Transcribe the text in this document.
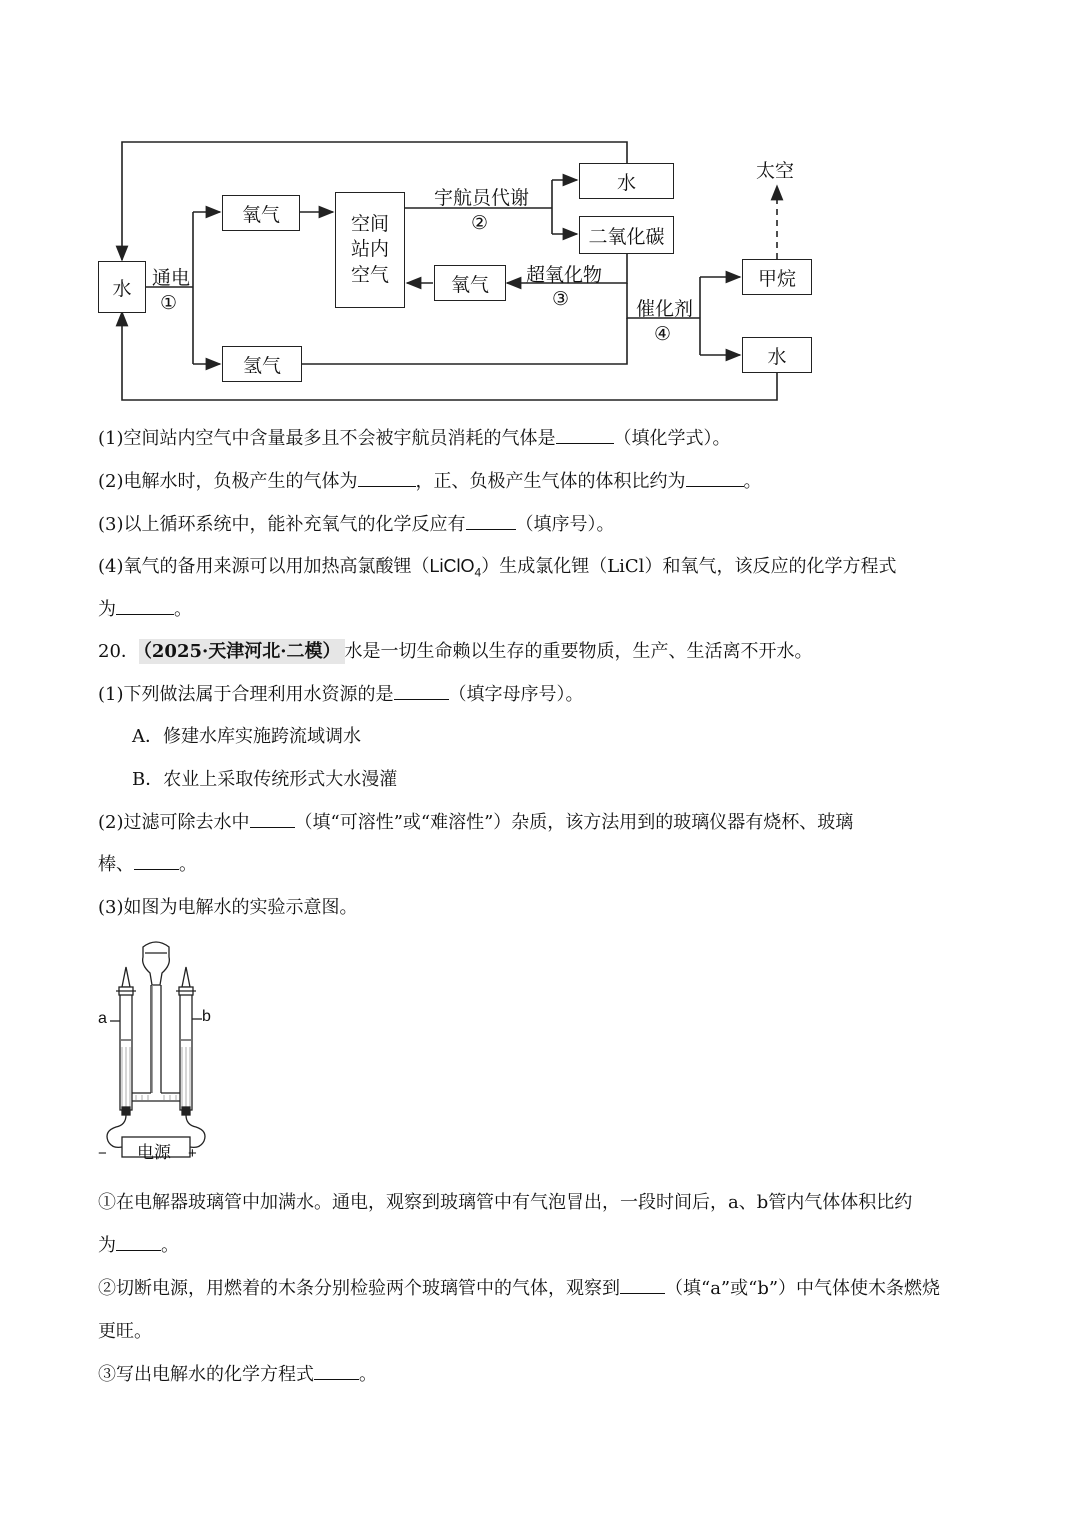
水
氧气	空间站内空气
水
二氧化碳
氧气
氢气
甲烷
水
通电
①
宇航员代谢
②
超氧化物
③	催化剂
④
太空
(1)空间站内空气中含量最多且不会被宇航员消耗的气体是	（填化学式）。
(2)电解水时，负极产生的气体为	，正、负极产生气体的体积比约为	。
(3)以上循环系统中，能补充氧气的化学反应有	（填序号）。
(4)氧气的备用来源可以用加热高氯酸锂（LiClO$_4$）生成氯化锂（LiCl）和氧气，该反应的化学方程式
为	。
20． （2025·天津河北·二模） 水是一切生命赖以生存的重要物质，生产、生活离不开水。
(1)下列做法属于合理利用水资源的是	（填字母序号）。
A．修建水库实施跨流域调水
B．农业上采取传统形式大水漫灌
(2)过滤可除去水中	（填“可溶性”或“难溶性”）杂质，该方法用到的玻璃仪器有烧杯、玻璃
棒、	。
(3)如图为电解水的实验示意图。
a	b
电源
−	+
①在电解器玻璃管中加满水。通电，观察到玻璃管中有气泡冒出，一段时间后，a、b管内气体体积比约
为	。
②切断电源，用燃着的木条分别检验两个玻璃管中的气体，观察到	（填“a”或“b”）中气体使木条燃烧
更旺。
③写出电解水的化学方程式	。
